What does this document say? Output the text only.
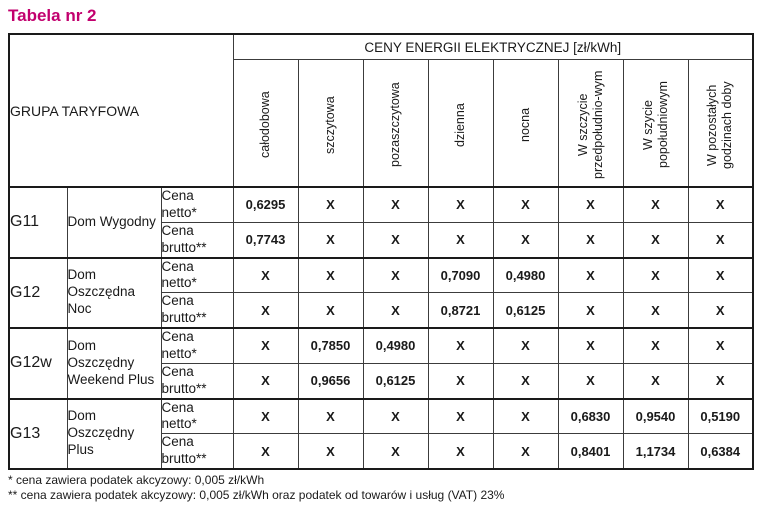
Tabela nr 2
GRUPA TARYFOWA			CENY ENERGII ELEKTRYCZNEJ [zł/kWh]							
			całodobowa	szczytowa	pozaszczytowa	dzienna	nocna	W szczycie przedpołudnio-wym	W szycie popołudniowym	W pozostałych godzinach doby
G11	Dom Wygodny	Cena netto*	0,6295	X	X	X	X	X	X	X
		Cena brutto**	0,7743	X	X	X	X	X	X	X
G12	Dom Oszczędna Noc	Cena netto*	X	X	X	0,7090	0,4980	X	X	X
		Cena brutto**	X	X	X	0,8721	0,6125	X	X	X
G12w	Dom Oszczędny Weekend Plus	Cena netto*	X	0,7850	0,4980	X	X	X	X	X
		Cena brutto**	X	0,9656	0,6125	X	X	X	X	X
G13	Dom Oszczędny Plus	Cena netto*	X	X	X	X	X	0,6830	0,9540	0,5190
		Cena brutto**	X	X	X	X	X	0,8401	1,1734	0,6384
* cena zawiera podatek akcyzowy: 0,005 zł/kWh
** cena zawiera podatek akcyzowy: 0,005 zł/kWh oraz podatek od towarów i usług (VAT) 23%
